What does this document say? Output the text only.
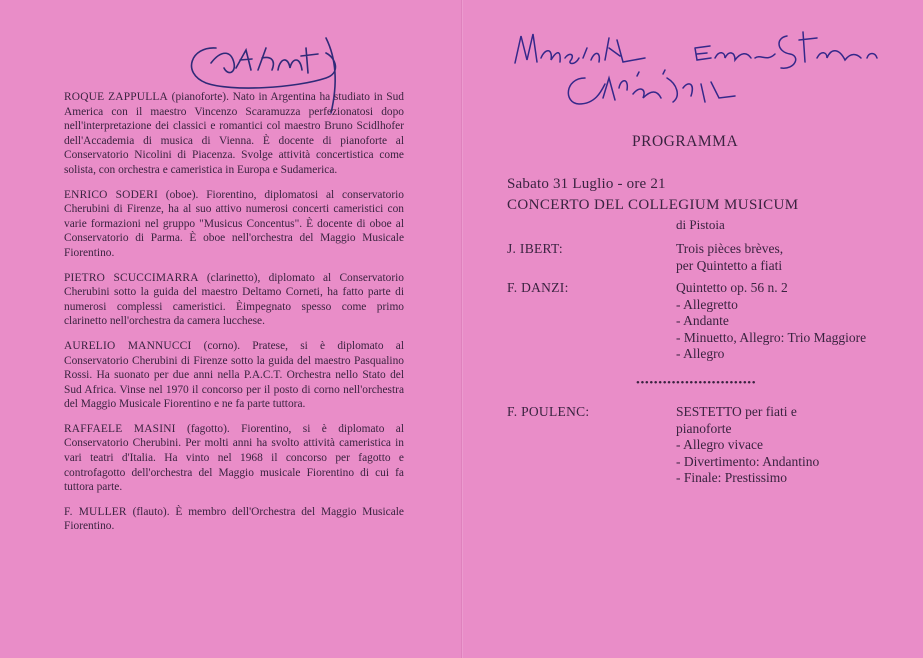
ROQUE ZAPPULLA (pianoforte). Nato in Argentina ha studiato in Sud America con il maestro Vincenzo Scaramuzza perfezionatosi dopo nell'interpretazione dei classici e romantici col maestro Bruno Scidlhofer dell'Accademia di musica di Vienna. È docente di pianoforte al Conservatorio Nicolini di Piacenza. Svolge attività concertistica come solista, con orchestra e cameristica in Europa e Sudamerica.

ENRICO SODERI (oboe). Fiorentino, diplomatosi al conservatorio Cherubini di Firenze, ha al suo attivo numerosi concerti cameristici con varie formazioni nel gruppo "Musicus Concentus". È docente di oboe al Conservatorio di Parma. È oboe nell'orchestra del Maggio Musicale Fiorentino.

PIETRO SCUCCIMARRA (clarinetto), diplomato al Conservatorio Cherubini sotto la guida del maestro Deltamo Corneti, ha fatto parte di numerosi complessi cameristici. Èimpegnato spesso come primo clarinetto nell'orchestra da camera lucchese.

AURELIO MANNUCCI (corno). Pratese, si è diplomato al Conservatorio Cherubini di Firenze sotto la guida del maestro Pasqualino Rossi. Ha suonato per due anni nella P.A.C.T. Orchestra nello Stato del Sud Africa. Vinse nel 1970 il concorso per il posto di corno nell'orchestra del Maggio Musicale Fiorentino e ne fa parte tuttora.

RAFFAELE MASINI (fagotto). Fiorentino, si è diplomato al Conservatorio Cherubini. Per molti anni ha svolto attività cameristica in vari teatri d'Italia. Ha vinto nel 1968 il concorso per fagotto e controfagotto dell'orchestra del Maggio musicale Fiorentino di cui fa tuttora parte.

F. MULLER (flauto). È membro dell'Orchestra del Maggio Musicale Fiorentino.

PROGRAMMA
Sabato 31 Luglio - ore 21
CONCERTO DEL COLLEGIUM MUSICUM
di Pistoia
J. IBERT:	Trois pièces brèves,
per Quintetto a fiati
F. DANZI:	Quintetto op. 56 n. 2
- Allegretto
- Andante
- Minuetto, Allegro: Trio Maggiore
- Allegro
•••••••••••••••••••••••••••
F. POULENC:	SESTETTO per fiati e
pianoforte
- Allegro vivace
- Divertimento: Andantino
- Finale: Prestissimo
